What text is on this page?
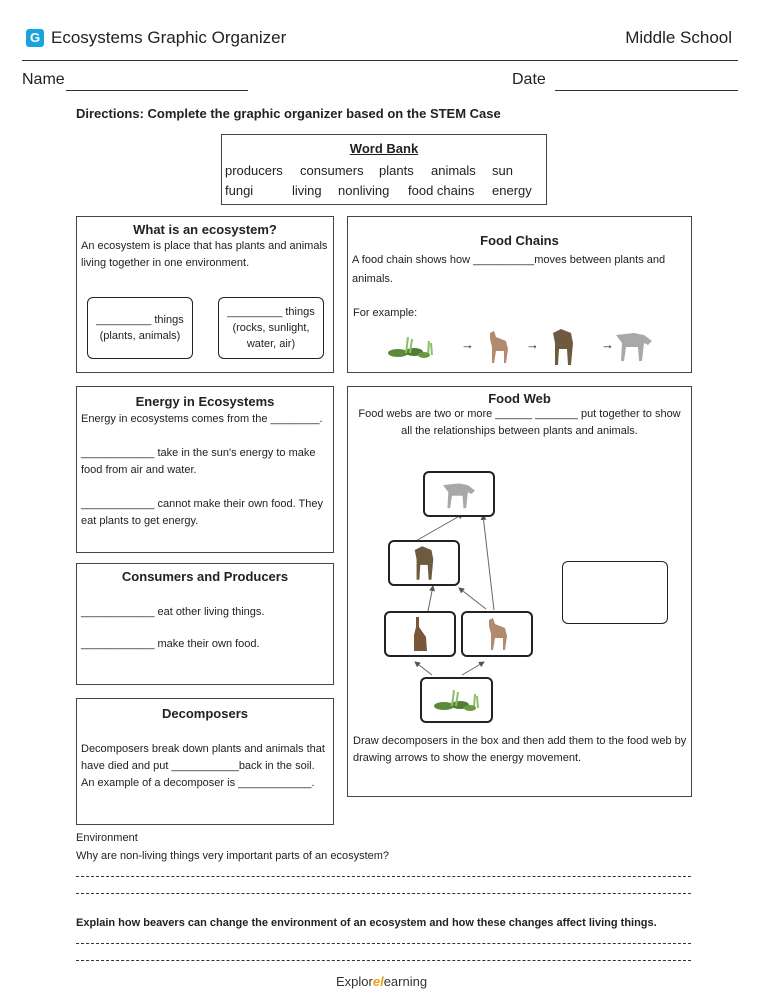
G Ecosystems Graphic Organizer	Middle School
Name	Date
Directions: Complete the graphic organizer based on the STEM Case
Word Bank
producers consumers plants animals sun
fungi	living nonliving food chains energy
What is an ecosystem?
An ecosystem is place that has plants and animals living together in one environment.
_________ things
(plants, animals)
_________ things
(rocks, sunlight,
water, air)
Food Chains
A food chain shows how __________moves between plants and animals.
For example:
→	→	→
Energy in Ecosystems
Energy in ecosystems comes from the ________.
____________ take in the sun's energy to make food from air and water.
____________ cannot make their own food. They eat plants to get energy.
Consumers and Producers
____________ eat other living things.
____________ make their own food.
Decomposers
Decomposers break down plants and animals that have died and put ___________back in the soil. An example of a decomposer is ____________.
Food Web
Food webs are two or more ______ _______ put together to show all the relationships between plants and animals.
Draw decomposers in the box and then add them to the food web by drawing arrows to show the energy movement.
Environment
Why are non-living things very important parts of an ecosystem?
Explain how beavers can change the environment of an ecosystem and how these changes affect living things.
Explorelearning
